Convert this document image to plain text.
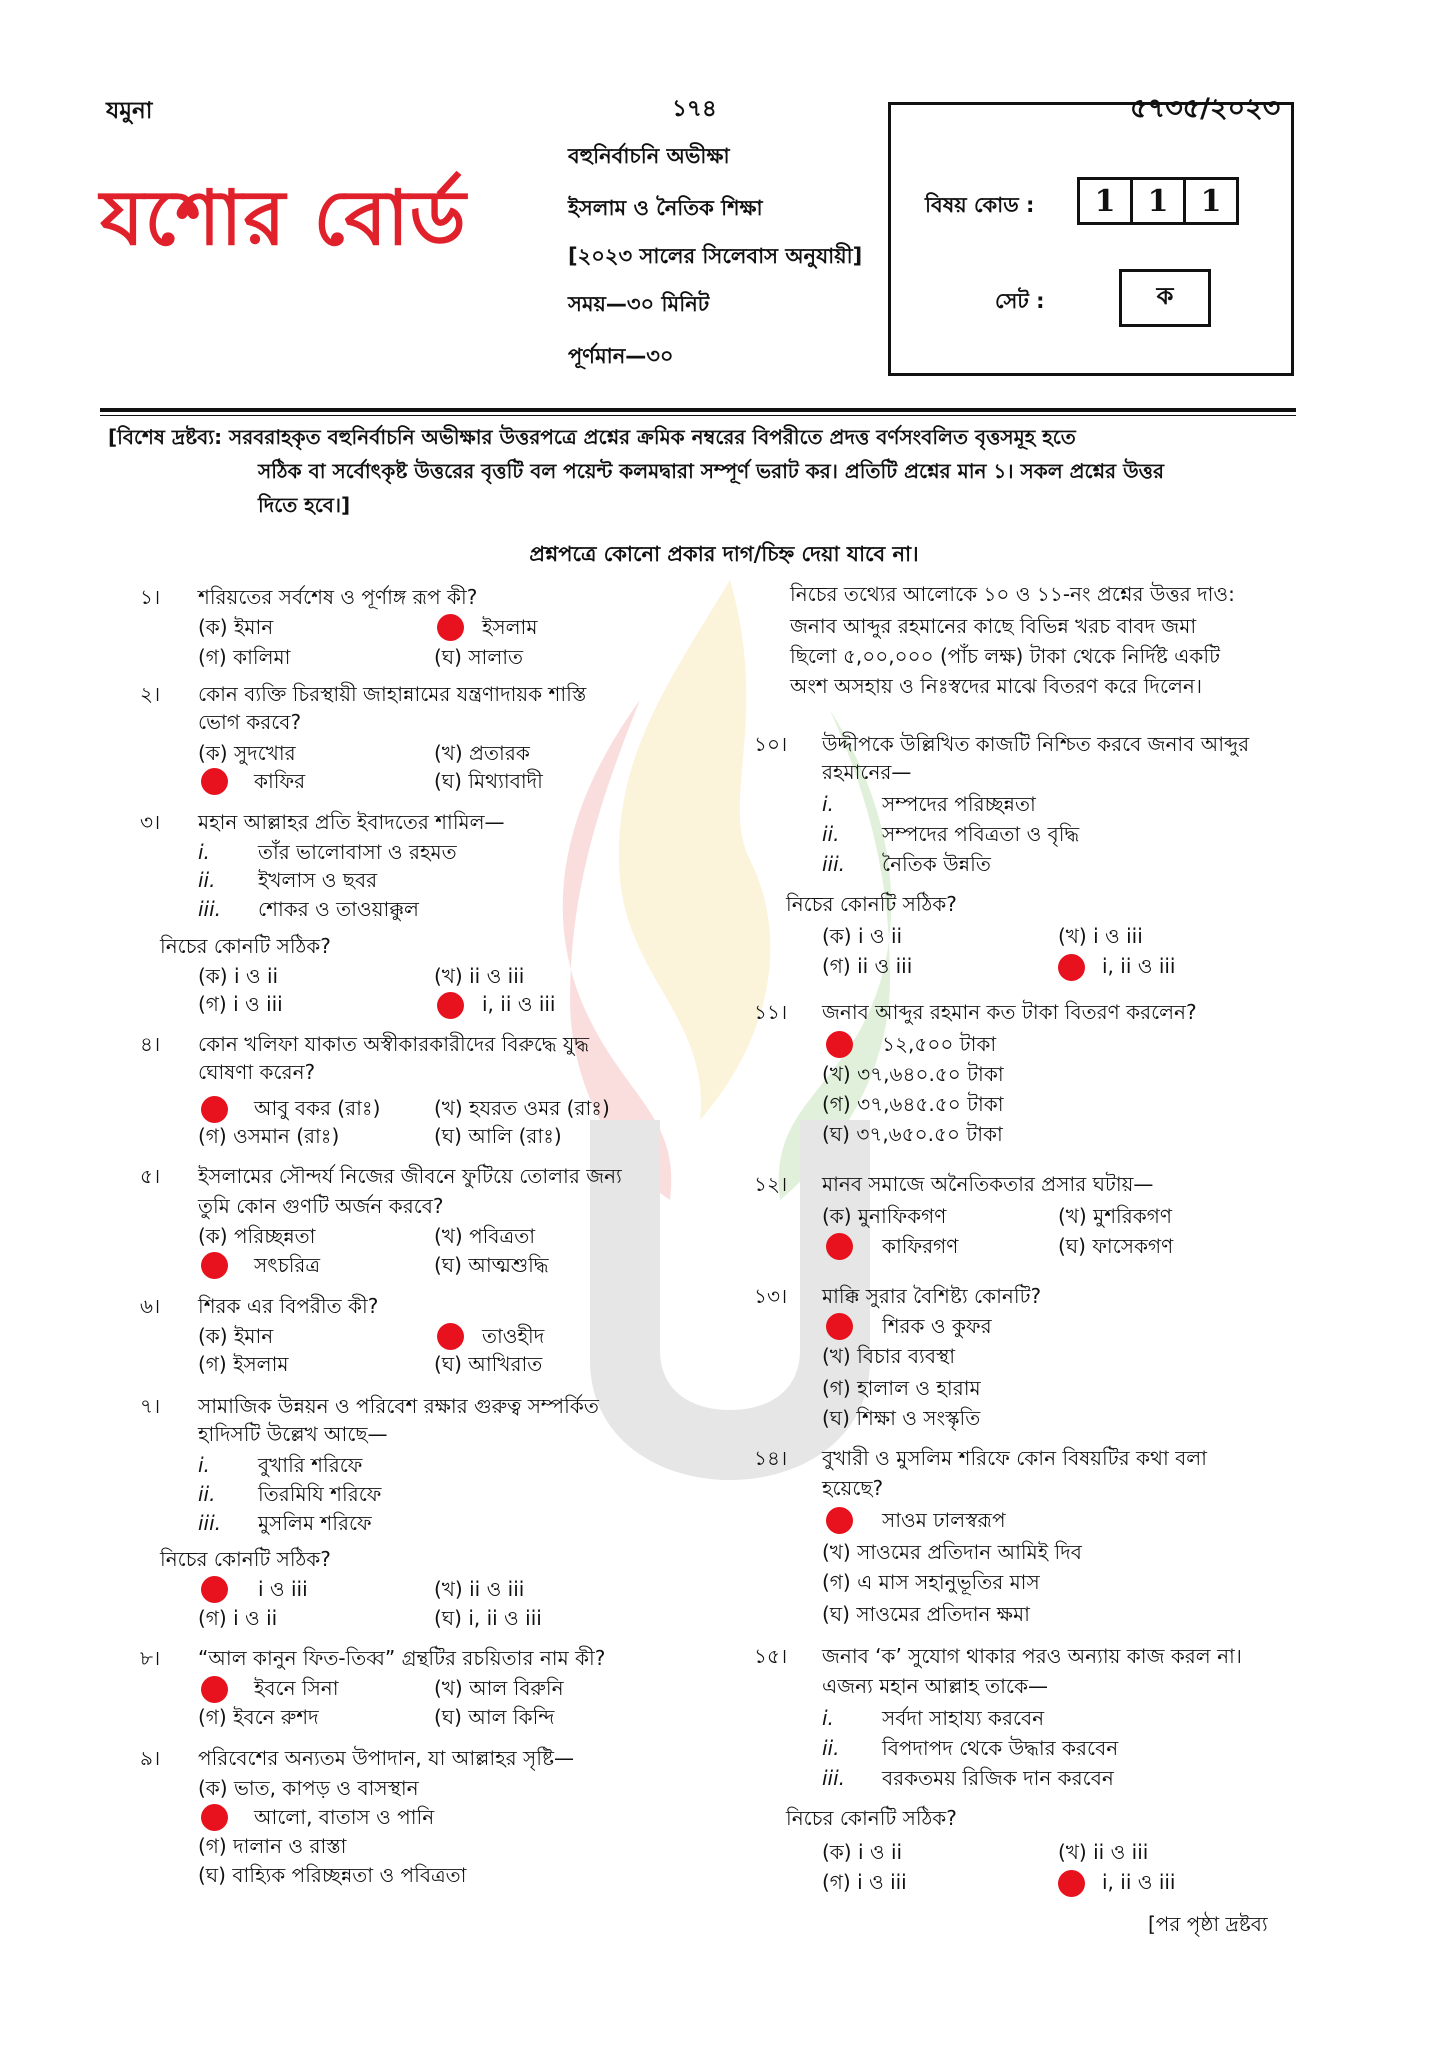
যমুনা	১৭৪	৫৭৩৫/২০২৩
যশোর বোর্ড
বহুনির্বাচনি অভীক্ষা
ইসলাম ও নৈতিক শিক্ষা
[২০২৩ সালের সিলেবাস অনুযায়ী]
সময়—৩০ মিনিট
পূর্ণমান—৩০
বিষয় কোড :	1	1	1
সেট :	ক
[বিশেষ দ্রষ্টব্য: সরবরাহকৃত বহুনির্বাচনি অভীক্ষার উত্তরপত্রে প্রশ্নের ক্রমিক নম্বরের বিপরীতে প্রদত্ত বর্ণসংবলিত বৃত্তসমূহ হতে
সঠিক বা সর্বোৎকৃষ্ট উত্তরের বৃত্তটি বল পয়েন্ট কলমদ্বারা সম্পূর্ণ ভরাট কর। প্রতিটি প্রশ্নের মান ১। সকল প্রশ্নের উত্তর
দিতে হবে।]
প্রশ্নপত্রে কোনো প্রকার দাগ/চিহ্ন দেয়া যাবে না।
১। শরিয়তের সর্বশেষ ও পূর্ণাঙ্গ রূপ কী?
(ক) ইমান	ইসলাম
(গ) কালিমা	(ঘ) সালাত
২। কোন ব্যক্তি চিরস্থায়ী জাহান্নামের যন্ত্রণাদায়ক শাস্তি
ভোগ করবে?
(ক) সুদখোর	(খ) প্রতারক
কাফির	(ঘ) মিথ্যাবাদী
৩। মহান আল্লাহর প্রতি ইবাদতের শামিল—
i. তাঁর ভালোবাসা ও রহমত
ii. ইখলাস ও ছবর
iii. শোকর ও তাওয়াক্কুল
নিচের কোনটি সঠিক?
(ক) i ও ii	(খ) ii ও iii
(গ) i ও iii	i, ii ও iii
৪। কোন খলিফা যাকাত অস্বীকারকারীদের বিরুদ্ধে যুদ্ধ
ঘোষণা করেন?
আবু বকর (রাঃ)	(খ) হযরত ওমর (রাঃ)
(গ) ওসমান (রাঃ)	(ঘ) আলি (রাঃ)
৫। ইসলামের সৌন্দর্য নিজের জীবনে ফুটিয়ে তোলার জন্য
তুমি কোন গুণটি অর্জন করবে?
(ক) পরিচ্ছন্নতা	(খ) পবিত্রতা
সৎচরিত্র	(ঘ) আত্মশুদ্ধি
৬। শিরক এর বিপরীত কী?
(ক) ইমান	তাওহীদ
(গ) ইসলাম	(ঘ) আখিরাত
৭। সামাজিক উন্নয়ন ও পরিবেশ রক্ষার গুরুত্ব সম্পর্কিত
হাদিসটি উল্লেখ আছে—
i. বুখারি শরিফে
ii. তিরমিযি শরিফে
iii. মুসলিম শরিফে
নিচের কোনটি সঠিক?
i ও iii	(খ) ii ও iii
(গ) i ও ii	(ঘ) i, ii ও iii
৮। “আল কানুন ফিত-তিব্ব” গ্রন্থটির রচয়িতার নাম কী?
ইবনে সিনা	(খ) আল বিরুনি
(গ) ইবনে রুশদ	(ঘ) আল কিন্দি
৯। পরিবেশের অন্যতম উপাদান, যা আল্লাহর সৃষ্টি—
(ক) ভাত, কাপড় ও বাসস্থান
আলো, বাতাস ও পানি
(গ) দালান ও রাস্তা
(ঘ) বাহ্যিক পরিচ্ছন্নতা ও পবিত্রতা
নিচের তথ্যের আলোকে ১০ ও ১১-নং প্রশ্নের উত্তর দাও:
জনাব আব্দুর রহমানের কাছে বিভিন্ন খরচ বাবদ জমা
ছিলো ৫,০০,০০০ (পাঁচ লক্ষ) টাকা থেকে নির্দিষ্ট একটি
অংশ অসহায় ও নিঃস্বদের মাঝে বিতরণ করে দিলেন।
১০। উদ্দীপকে উল্লিখিত কাজটি নিশ্চিত করবে জনাব আব্দুর
রহমানের—
i. সম্পদের পরিচ্ছন্নতা
ii. সম্পদের পবিত্রতা ও বৃদ্ধি
iii. নৈতিক উন্নতি
নিচের কোনটি সঠিক?
(ক) i ও ii	(খ) i ও iii
(গ) ii ও iii	i, ii ও iii
১১। জনাব আব্দুর রহমান কত টাকা বিতরণ করলেন?
১২,৫০০ টাকা
(খ) ৩৭,৬৪০.৫০ টাকা
(গ) ৩৭,৬৪৫.৫০ টাকা
(ঘ) ৩৭,৬৫০.৫০ টাকা
১২। মানব সমাজে অনৈতিকতার প্রসার ঘটায়—
(ক) মুনাফিকগণ	(খ) মুশরিকগণ
কাফিরগণ	(ঘ) ফাসেকগণ
১৩। মাক্কি সুরার বৈশিষ্ট্য কোনটি?
শিরক ও কুফর
(খ) বিচার ব্যবস্থা
(গ) হালাল ও হারাম
(ঘ) শিক্ষা ও সংস্কৃতি
১৪। বুখারী ও মুসলিম শরিফে কোন বিষয়টির কথা বলা
হয়েছে?
সাওম ঢালস্বরূপ
(খ) সাওমের প্রতিদান আমিই দিব
(গ) এ মাস সহানুভূতির মাস
(ঘ) সাওমের প্রতিদান ক্ষমা
১৫। জনাব ‘ক’ সুযোগ থাকার পরও অন্যায় কাজ করল না।
এজন্য মহান আল্লাহ তাকে—
i. সর্বদা সাহায্য করবেন
ii. বিপদাপদ থেকে উদ্ধার করবেন
iii. বরকতময় রিজিক দান করবেন
নিচের কোনটি সঠিক?
(ক) i ও ii	(খ) ii ও iii
(গ) i ও iii	i, ii ও iii
[পর পৃষ্ঠা দ্রষ্টব্য
